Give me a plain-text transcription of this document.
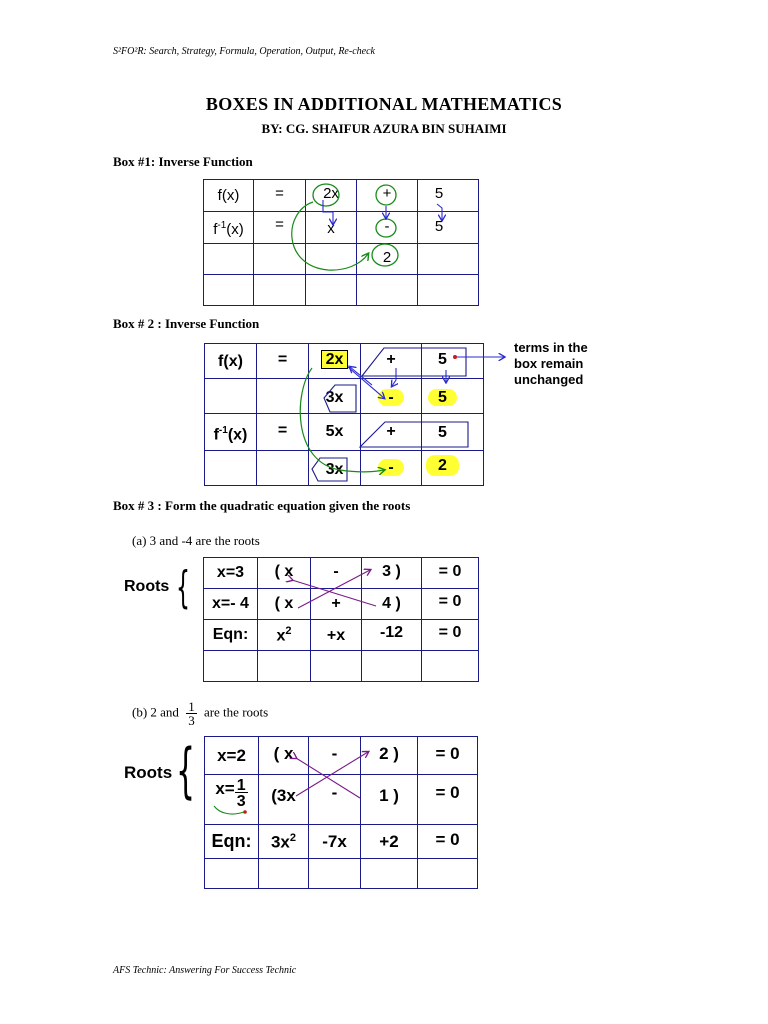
S²FO²R: Search, Strategy, Formula, Operation, Output, Re-check
BOXES IN ADDITIONAL MATHEMATICS
BY: CG. SHAIFUR AZURA BIN SUHAIMI
Box #1: Inverse Function
f(x)	=	2x	+	5

$f^{-1}(x)$	=	x	-	5

			2	

Box # 2 : Inverse Function
f(x)	=	2x	+	5

		3x	-	5

$f^{-1}(x)$	=	5x	+	5

		3x	-	2
terms in the
box remain
unchanged
Box # 3 : Form the quadratic equation given the roots
(a) 3 and -4 are the roots
Roots {	x=3	( x	-	3 )	= 0

x=- 4	( x	+	4 )	= 0

Eqn:	$x^2$	+x	-12	= 0

(b) 2 and $\frac{1}{3}$ are the roots
Roots {	x=2	( x	-	2 )	= 0

$x= \frac{1}{3}$	(3x	-	1 )	= 0

Eqn:	$3x^2$	-7x	+2	= 0

AFS Technic: Answering For Success Technic
